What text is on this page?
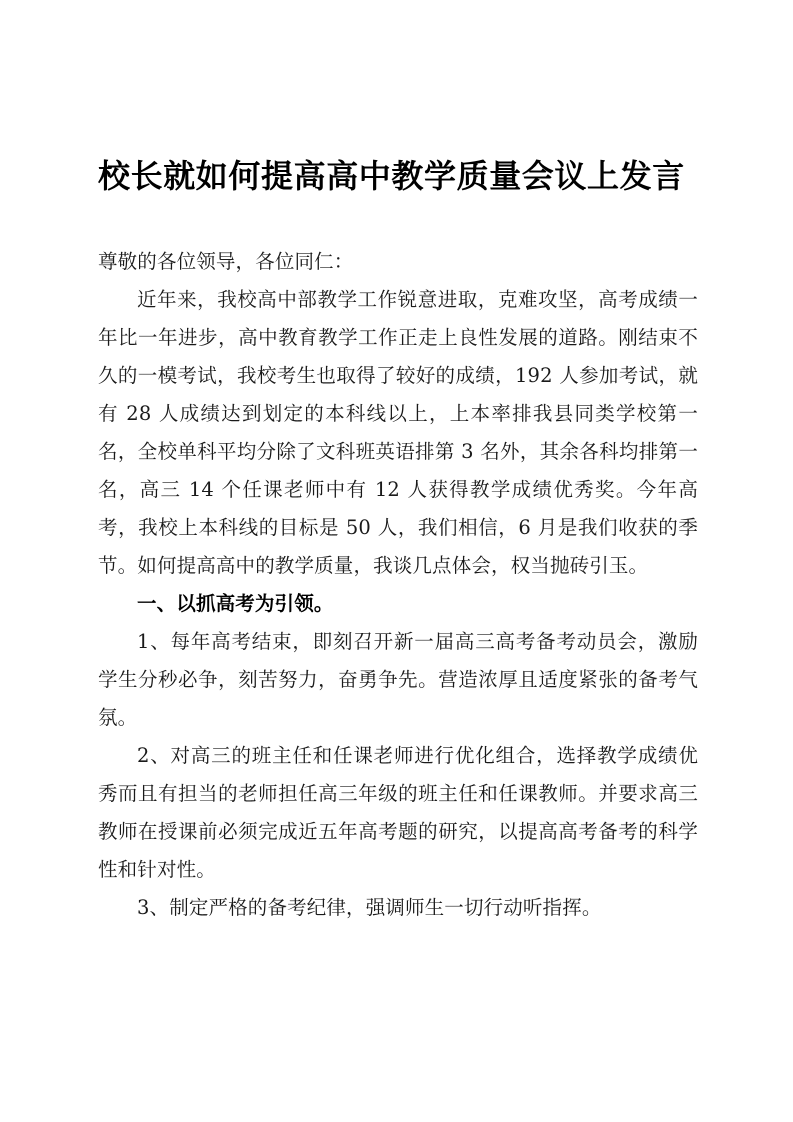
校长就如何提高高中教学质量会议上发言

尊敬的各位领导，各位同仁：

近年来，我校高中部教学工作锐意进取，克难攻坚，高考成绩一年比一年进步，高中教育教学工作正走上良性发展的道路。刚结束不久的一模考试，我校考生也取得了较好的成绩，192 人参加考试，就有 28 人成绩达到划定的本科线以上，上本率排我县同类学校第一名，全校单科平均分除了文科班英语排第 3 名外，其余各科均排第一名，高三 14 个任课老师中有 12 人获得教学成绩优秀奖。今年高考，我校上本科线的目标是 50 人，我们相信，6 月是我们收获的季节。如何提高高中的教学质量，我谈几点体会，权当抛砖引玉。

一、以抓高考为引领。

1、每年高考结束，即刻召开新一届高三高考备考动员会，激励学生分秒必争，刻苦努力，奋勇争先。营造浓厚且适度紧张的备考气氛。

2、对高三的班主任和任课老师进行优化组合，选择教学成绩优秀而且有担当的老师担任高三年级的班主任和任课教师。并要求高三教师在授课前必须完成近五年高考题的研究，以提高高考备考的科学性和针对性。

3、制定严格的备考纪律，强调师生一切行动听指挥。
